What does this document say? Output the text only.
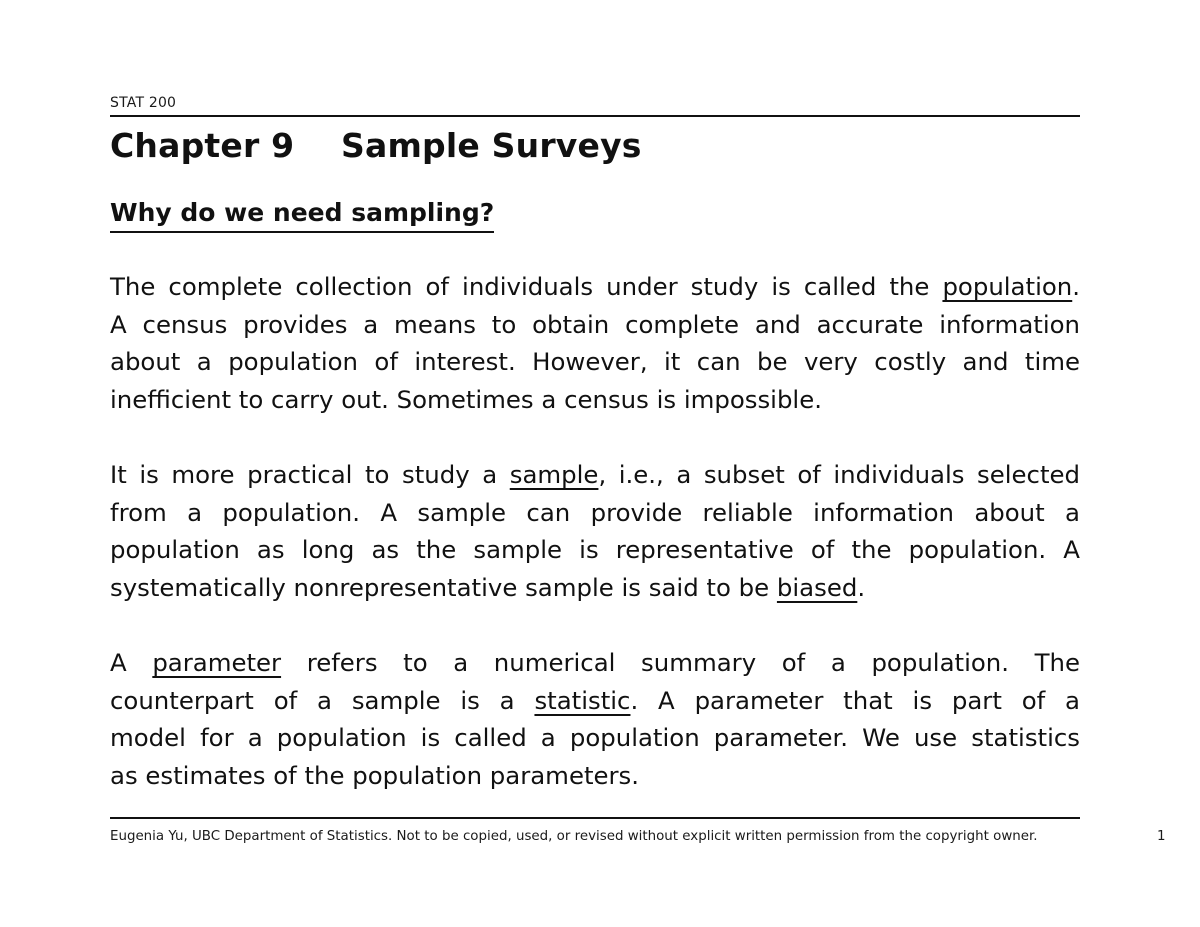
STAT 200
Chapter 9    Sample Surveys
Why do we need sampling?
The complete collection of individuals under study is called the population.
A census provides a means to obtain complete and accurate information
about a population of interest. However, it can be very costly and time
inefficient to carry out. Sometimes a census is impossible.
It is more practical to study a sample, i.e., a subset of individuals selected
from a population. A sample can provide reliable information about a
population as long as the sample is representative of the population. A
systematically nonrepresentative sample is said to be biased.
A parameter refers to a numerical summary of a population. The
counterpart of a sample is a statistic. A parameter that is part of a
model for a population is called a population parameter. We use statistics
as estimates of the population parameters.
Eugenia Yu, UBC Department of Statistics. Not to be copied, used, or revised without explicit written permission from the copyright owner.	1
